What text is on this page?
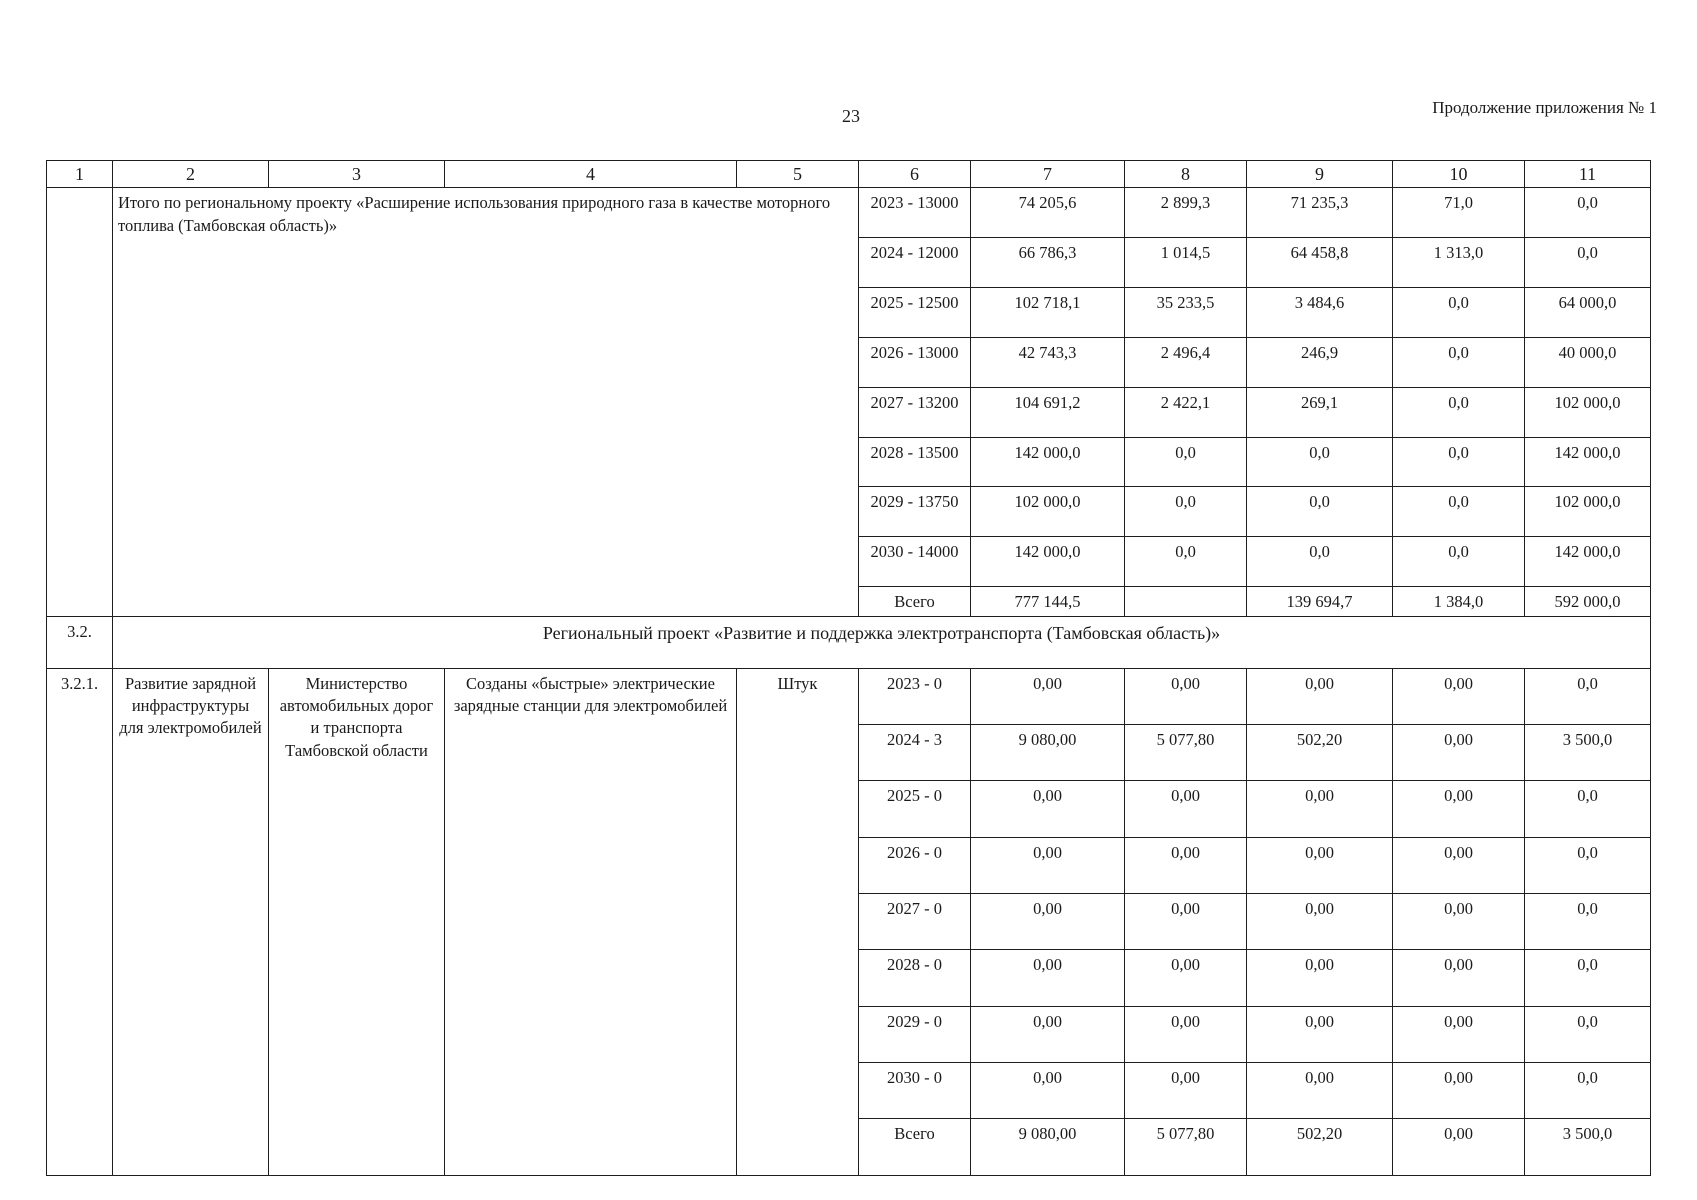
23	Продолжение приложения № 1
1	2	3	4	5	6	7	8	9	10	11
	Итого по региональному проекту «Расширение использования природного газа в качестве моторного топлива (Тамбовская область)»				2023 - 13000	74 205,6	2 899,3	71 235,3	71,0	0,0
					2024 - 12000	66 786,3	1 014,5	64 458,8	1 313,0	0,0
					2025 - 12500	102 718,1	35 233,5	3 484,6	0,0	64 000,0
					2026 - 13000	42 743,3	2 496,4	246,9	0,0	40 000,0
					2027 - 13200	104 691,2	2 422,1	269,1	0,0	102 000,0
					2028 - 13500	142 000,0	0,0	0,0	0,0	142 000,0
					2029 - 13750	102 000,0	0,0	0,0	0,0	102 000,0
					2030 - 14000	142 000,0	0,0	0,0	0,0	142 000,0
					Всего	777 144,5		139 694,7	1 384,0	592 000,0
3.2.	Региональный проект «Развитие и поддержка электротранспорта (Тамбовская область)»									
3.2.1.	Развитие зарядной инфраструктуры для электромобилей	Министерство автомобильных дорог и транспорта Тамбовской области	Созданы «быстрые» электрические зарядные станции для электромобилей	Штук	2023 - 0	0,00	0,00	0,00	0,00	0,0
					2024 - 3	9 080,00	5 077,80	502,20	0,00	3 500,0
					2025 - 0	0,00	0,00	0,00	0,00	0,0
					2026 - 0	0,00	0,00	0,00	0,00	0,0
					2027 - 0	0,00	0,00	0,00	0,00	0,0
					2028 - 0	0,00	0,00	0,00	0,00	0,0
					2029 - 0	0,00	0,00	0,00	0,00	0,0
					2030 - 0	0,00	0,00	0,00	0,00	0,0
					Всего	9 080,00	5 077,80	502,20	0,00	3 500,0
